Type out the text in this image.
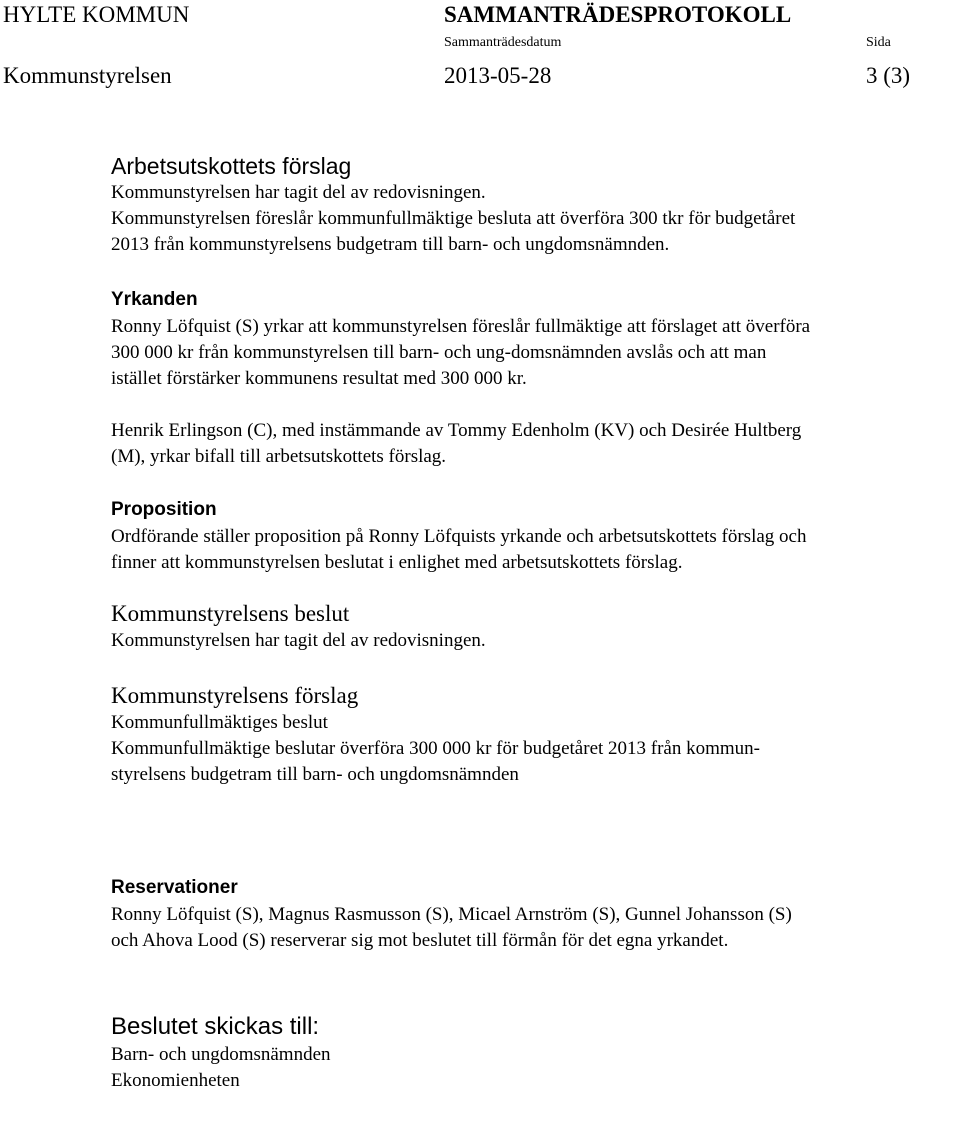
HYLTE KOMMUN	SAMMANTRÄDESPROTOKOLL
Sammanträdesdatum	Sida
Kommunstyrelsen	2013-05-28	3 (3)
Arbetsutskottets förslag

Kommunstyrelsen har tagit del av redovisningen.
Kommunstyrelsen föreslår kommunfullmäktige besluta att överföra 300 tkr för budgetåret
2013 från kommunstyrelsens budgetram till barn- och ungdomsnämnden.

Yrkanden

Ronny Löfquist (S) yrkar att kommunstyrelsen föreslår fullmäktige att förslaget att överföra
300 000 kr från kommunstyrelsen till barn- och ung-domsnämnden avslås och att man
istället förstärker kommunens resultat med 300 000 kr.

Henrik Erlingson (C), med instämmande av Tommy Edenholm (KV) och Desirée Hultberg
(M), yrkar bifall till arbetsutskottets förslag.

Proposition

Ordförande ställer proposition på Ronny Löfquists yrkande och arbetsutskottets förslag och
finner att kommunstyrelsen beslutat i enlighet med arbetsutskottets förslag.

Kommunstyrelsens beslut

Kommunstyrelsen har tagit del av redovisningen.

Kommunstyrelsens förslag

Kommunfullmäktiges beslut
Kommunfullmäktige beslutar överföra 300 000 kr för budgetåret 2013 från kommun-
styrelsens budgetram till barn- och ungdomsnämnden

Reservationer

Ronny Löfquist (S), Magnus Rasmusson (S), Micael Arnström (S), Gunnel Johansson (S)
och Ahova Lood (S) reserverar sig mot beslutet till förmån för det egna yrkandet.

Beslutet skickas till:

Barn- och ungdomsnämnden
Ekonomienheten
